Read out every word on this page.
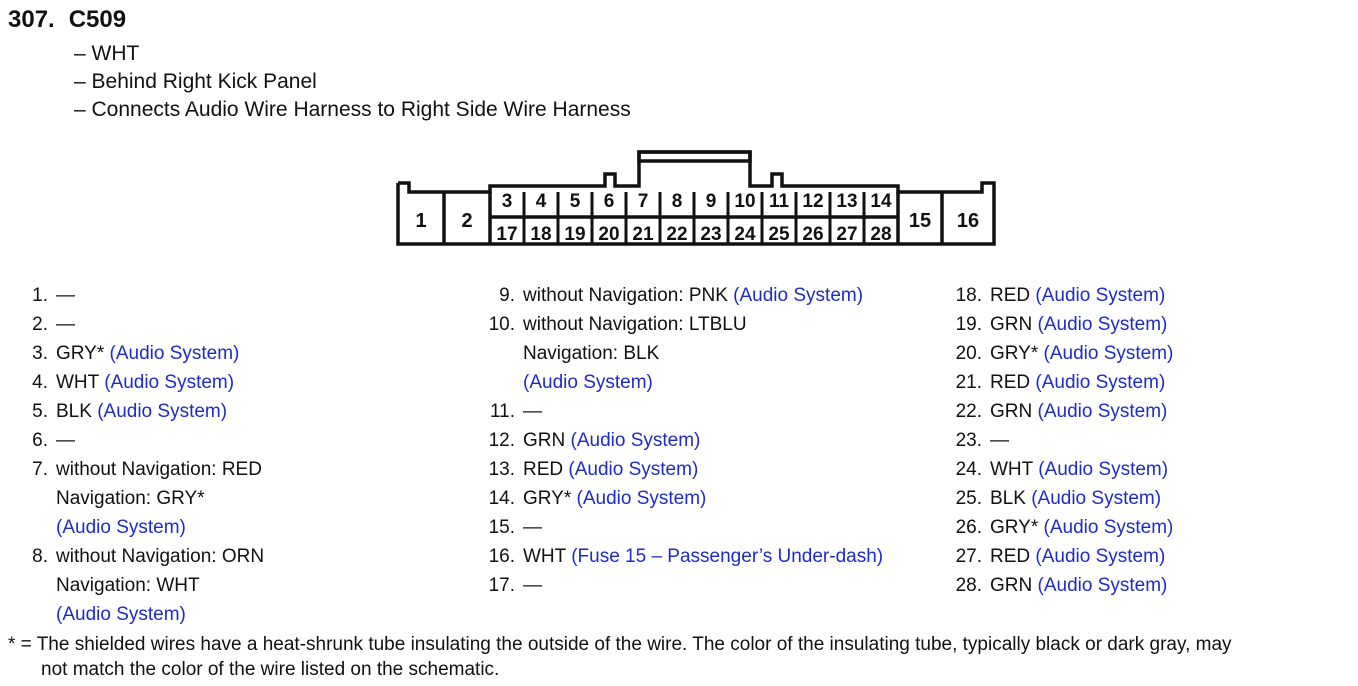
307. C509
– WHT
– Behind Right Kick Panel
– Connects Audio Wire Harness to Right Side Wire Harness
1 2	15 16
3 4 5 6 7 8 9 10 11 12 13 14
17 18 19 20 21 22 23 24 25 26 27 28
1. —
2. —
3. GRY* (Audio System)
4. WHT (Audio System)
5. BLK (Audio System)
6. —
7. without Navigation: RED
Navigation: GRY*
(Audio System)
8. without Navigation: ORN
Navigation: WHT
(Audio System)
9. without Navigation: PNK (Audio System)
10. without Navigation: LTBLU
Navigation: BLK
(Audio System)
11. —
12. GRN (Audio System)
13. RED (Audio System)
14. GRY* (Audio System)
15. —
16. WHT (Fuse 15 – Passenger’s Under-dash)
17. —
18. RED (Audio System)
19. GRN (Audio System)
20. GRY* (Audio System)
21. RED (Audio System)
22. GRN (Audio System)
23. —
24. WHT (Audio System)
25. BLK (Audio System)
26. GRY* (Audio System)
27. RED (Audio System)
28. GRN (Audio System)
* = The shielded wires have a heat-shrunk tube insulating the outside of the wire. The color of the insulating tube, typically black or dark gray, may
not match the color of the wire listed on the schematic.
